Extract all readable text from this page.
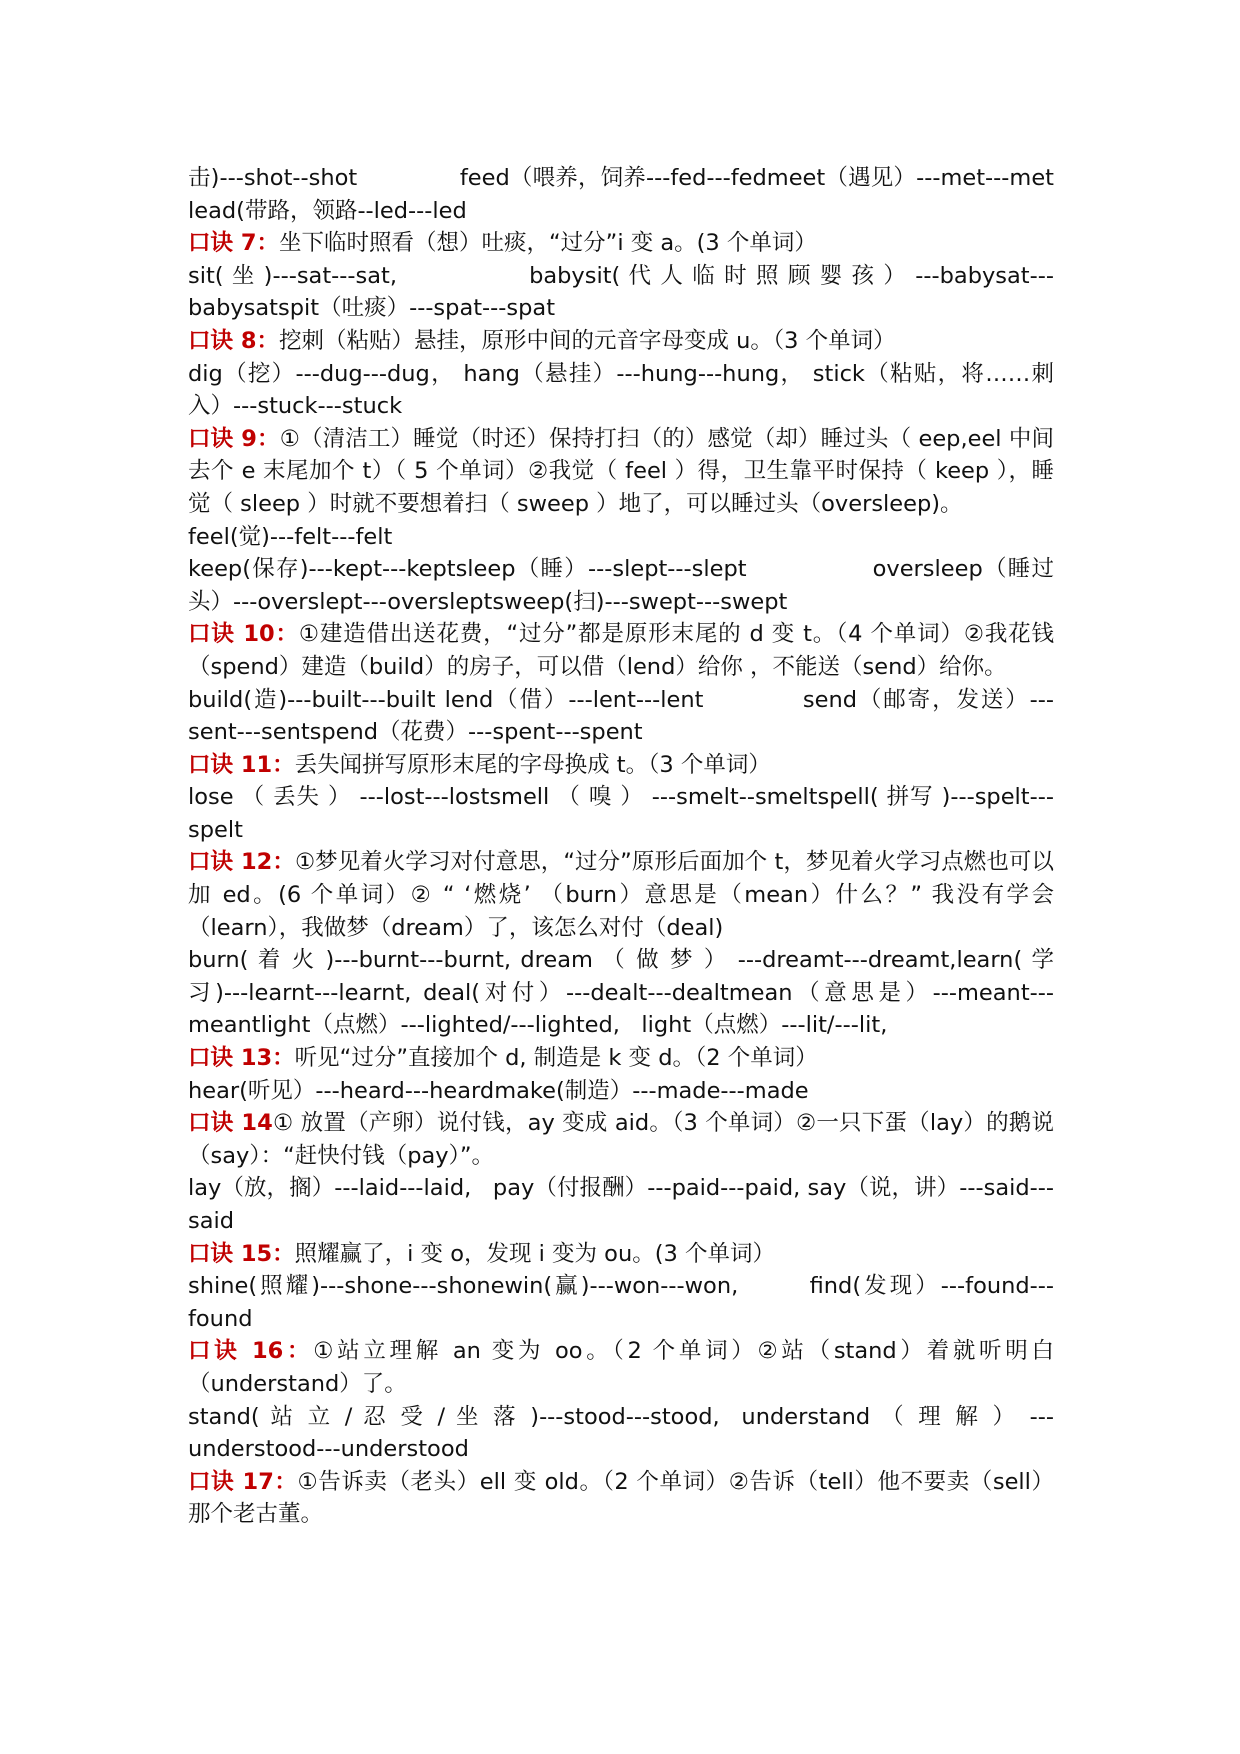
击)---shot--shot              feed（喂养，饲养---fed---fedmeet（遇见）---met---met lead(带路，领路--led---led
口诀 7：坐下临时照看（想）吐痰，“过分”i 变 a。(3 个单词）
sit( 坐 )---sat---sat,                babysit( 代 人 临 时 照 顾 婴 孩 ） ---babysat---babysatspit（吐痰）---spat---spat
口诀 8：挖刺（粘贴）悬挂，原形中间的元音字母变成 u。（3 个单词）
dig（挖）---dug---dug， hang（悬挂）---hung---hung， stick（粘贴，将……刺入）---stuck---stuck
口诀 9：①（清洁工）睡觉（时还）保持打扫（的）感觉（却）睡过头（ eep,eel 中间去个 e 末尾加个 t）（ 5 个单词）②我觉（ feel ）得，卫生靠平时保持（ keep ），睡觉（ sleep ）时就不要想着扫（ sweep ）地了，可以睡过头（oversleep)。
feel(觉)---felt---felt
keep(保存)---kept---keptsleep（睡）---slept---slept               oversleep（睡过头）---overslept---oversleptsweep(扫)---swept---swept
口诀 10：①建造借出送花费，“过分”都是原形末尾的 d 变 t。（4 个单词）②我花钱（spend）建造（build）的房子，可以借（lend）给你 ，不能送（send）给你。
build(造)---built---built lend（借）---lent---lent           send（邮寄，发送）---sent---sentspend（花费）---spent---spent
口诀 11：丢失闻拼写原形末尾的字母换成 t。（3 个单词）
lose （ 丢失 ） ---lost---lostsmell （ 嗅 ） ---smelt--smeltspell( 拼写 )---spelt---spelt
口诀 12：①梦见着火学习对付意思，“过分”原形后面加个 t，梦见着火学习点燃也可以加 ed。(6 个单词）② “ ‘燃烧’ （burn）意思是（mean）什么？” 我没有学会（learn），我做梦（dream）了，该怎么对付（deal)
burn( 着 火 )---burnt---burnt, dream （ 做 梦 ） ---dreamt---dreamt,learn( 学习)---learnt---learnt, deal(对付）---dealt---dealtmean（意思是）---meant---meantlight（点燃）---lighted/---lighted,   light（点燃）---lit/---lit,
口诀 13：听见“过分”直接加个 d, 制造是 k 变 d。（2 个单词）
hear(听见）---heard---heardmake(制造）---made---made
口诀 14① 放置（产卵）说付钱，ay 变成 aid。（3 个单词）②一只下蛋（lay）的鹅说（say）：“赶快付钱（pay）”。
lay（放，搁）---laid---laid,   pay（付报酬）---paid---paid, say（说，讲）---said---said
口诀 15：照耀赢了，i 变 o，发现 i 变为 ou。(3 个单词）
shine(照耀)---shone---shonewin(赢)---won---won,       find(发现）---found---found
口诀 16：①站立理解 an 变为 oo。（2 个单词）②站（stand）着就听明白（understand）了。
stand( 站 立 / 忍 受 / 坐 落 )---stood---stood,  understand （ 理 解 ） ---understood---understood
口诀 17：①告诉卖（老头）ell 变 old。（2 个单词）②告诉（tell）他不要卖（sell）那个老古董。
